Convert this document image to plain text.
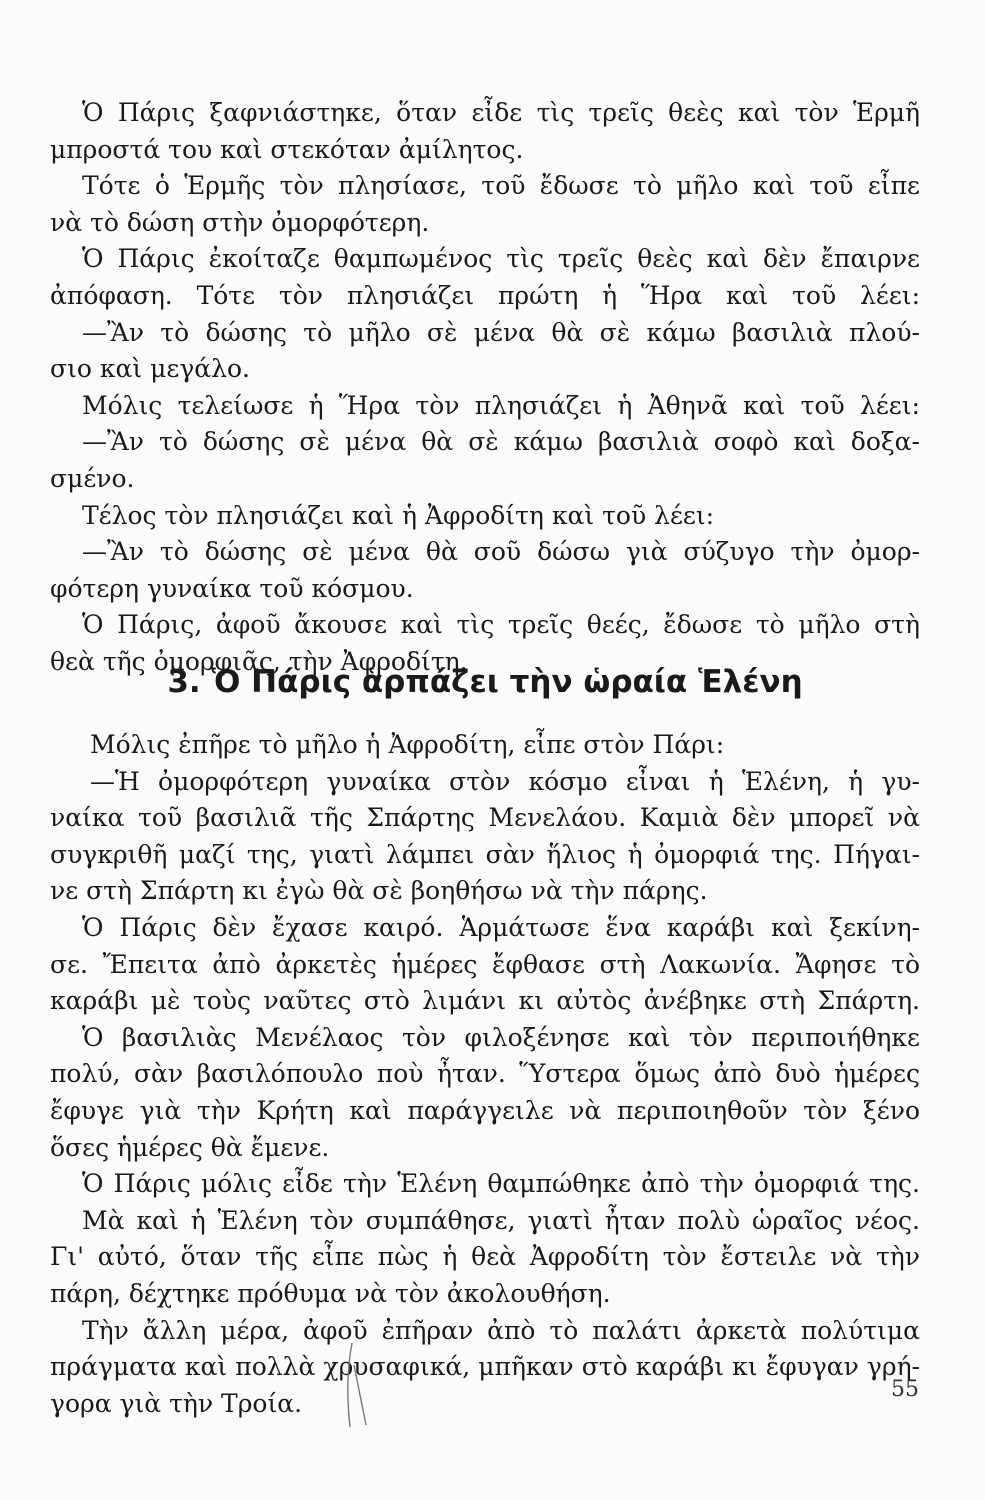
Ὁ Πάρις ξαφνιάστηκε, ὅταν εἶδε τὶς τρεῖς θεὲς καὶ τὸν Ἑρμῆ
μπροστά του καὶ στεκόταν ἀμίλητος.
Τότε ὁ Ἑρμῆς τὸν πλησίασε, τοῦ ἔδωσε τὸ μῆλο καὶ τοῦ εἶπε
νὰ τὸ δώση στὴν ὀμορφότερη.
Ὁ Πάρις ἐκοίταζε θαμπωμένος τὶς τρεῖς θεὲς καὶ δὲν ἔπαιρνε
ἀπόφαση. Τότε τὸν πλησιάζει πρώτη ἡ Ἥρα καὶ τοῦ λέει:
—Ἂν τὸ δώσης τὸ μῆλο σὲ μένα θὰ σὲ κάμω βασιλιὰ πλού-
σιο καὶ μεγάλο.
Μόλις τελείωσε ἡ Ἥρα τὸν πλησιάζει ἡ Ἀθηνᾶ καὶ τοῦ λέει:
—Ἂν τὸ δώσης σὲ μένα θὰ σὲ κάμω βασιλιὰ σοφὸ καὶ δοξα-
σμένο.
Τέλος τὸν πλησιάζει καὶ ἡ Ἀφροδίτη καὶ τοῦ λέει:
—Ἂν τὸ δώσης σὲ μένα θὰ σοῦ δώσω γιὰ σύζυγο τὴν ὀμορ-
φότερη γυναίκα τοῦ κόσμου.
Ὁ Πάρις, ἀφοῦ ἄκουσε καὶ τὶς τρεῖς θεές, ἔδωσε τὸ μῆλο στὴ
θεὰ τῆς ὀμορφιᾶς, τὴν Ἀφροδίτη.
3. Ὁ Πάρις ἁρπάζει τὴν ὡραία Ἑλένη
Μόλις ἐπῆρε τὸ μῆλο ἡ Ἀφροδίτη, εἶπε στὸν Πάρι:
—Ἡ ὀμορφότερη γυναίκα στὸν κόσμο εἶναι ἡ Ἑλένη, ἡ γυ-
ναίκα τοῦ βασιλιᾶ τῆς Σπάρτης Μενελάου. Καμιὰ δὲν μπορεῖ νὰ
συγκριθῆ μαζί της, γιατὶ λάμπει σὰν ἥλιος ἡ ὀμορφιά της. Πήγαι-
νε στὴ Σπάρτη κι ἐγὼ θὰ σὲ βοηθήσω νὰ τὴν πάρης.
Ὁ Πάρις δὲν ἔχασε καιρό. Ἁρμάτωσε ἕνα καράβι καὶ ξεκίνη-
σε. Ἔπειτα ἀπὸ ἀρκετὲς ἡμέρες ἔφθασε στὴ Λακωνία. Ἄφησε τὸ
καράβι μὲ τοὺς ναῦτες στὸ λιμάνι κι αὐτὸς ἀνέβηκε στὴ Σπάρτη.
Ὁ βασιλιὰς Μενέλαος τὸν φιλοξένησε καὶ τὸν περιποιήθηκε
πολύ, σὰν βασιλόπουλο ποὺ ἦταν. Ὕστερα ὅμως ἀπὸ δυὸ ἡμέρες
ἔφυγε γιὰ τὴν Κρήτη καὶ παράγγειλε νὰ περιποιηθοῦν τὸν ξένο
ὅσες ἡμέρες θὰ ἔμενε.
Ὁ Πάρις μόλις εἶδε τὴν Ἑλένη θαμπώθηκε ἀπὸ τὴν ὀμορφιά της.
Μὰ καὶ ἡ Ἑλένη τὸν συμπάθησε, γιατὶ ἦταν πολὺ ὡραῖος νέος.
Γι' αὐτό, ὅταν τῆς εἶπε πὼς ἡ θεὰ Ἀφροδίτη τὸν ἔστειλε νὰ τὴν
πάρη, δέχτηκε πρόθυμα νὰ τὸν ἀκολουθήση.
Τὴν ἄλλη μέρα, ἀφοῦ ἐπῆραν ἀπὸ τὸ παλάτι ἀρκετὰ πολύτιμα
πράγματα καὶ πολλὰ χρυσαφικά, μπῆκαν στὸ καράβι κι ἔφυγαν γρή-
γορα γιὰ τὴν Τροία.	55
